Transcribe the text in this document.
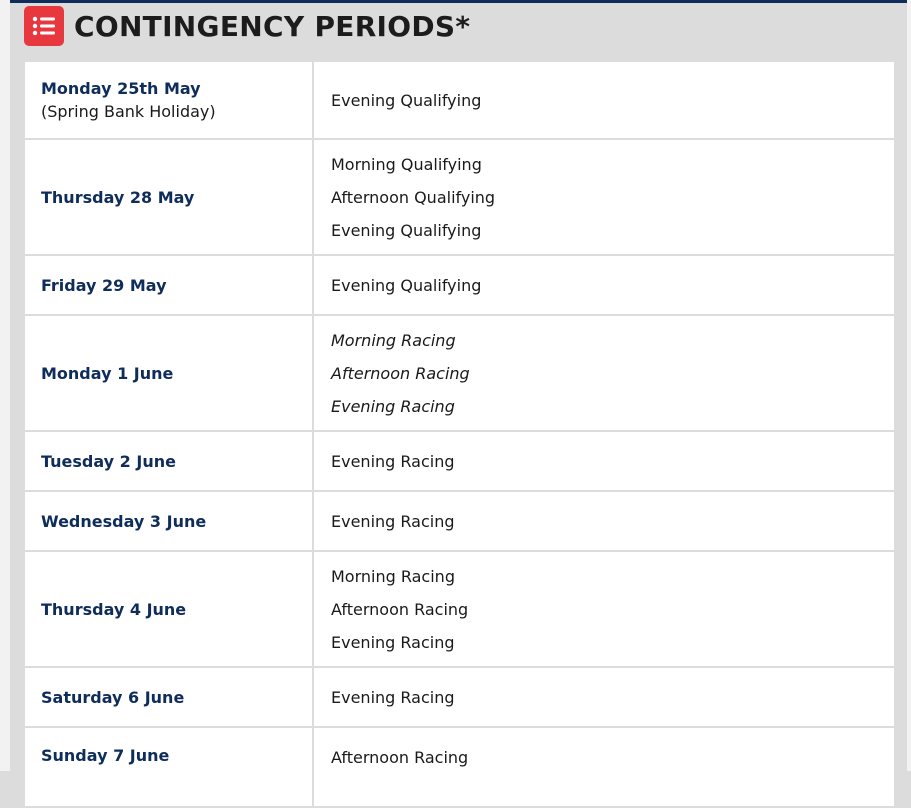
CONTINGENCY PERIODS*
Monday 25th May
(Spring Bank Holiday)	Evening Qualifying

Thursday 28 May	Morning Qualifying
Afternoon Qualifying
Evening Qualifying

Friday 29 May	Evening Qualifying

Monday 1 June	Morning Racing
Afternoon Racing
Evening Racing

Tuesday 2 June	Evening Racing

Wednesday 3 June	Evening Racing

Thursday 4 June	Morning Racing
Afternoon Racing
Evening Racing

Saturday 6 June	Evening Racing

Sunday 7 June	Afternoon Racing
